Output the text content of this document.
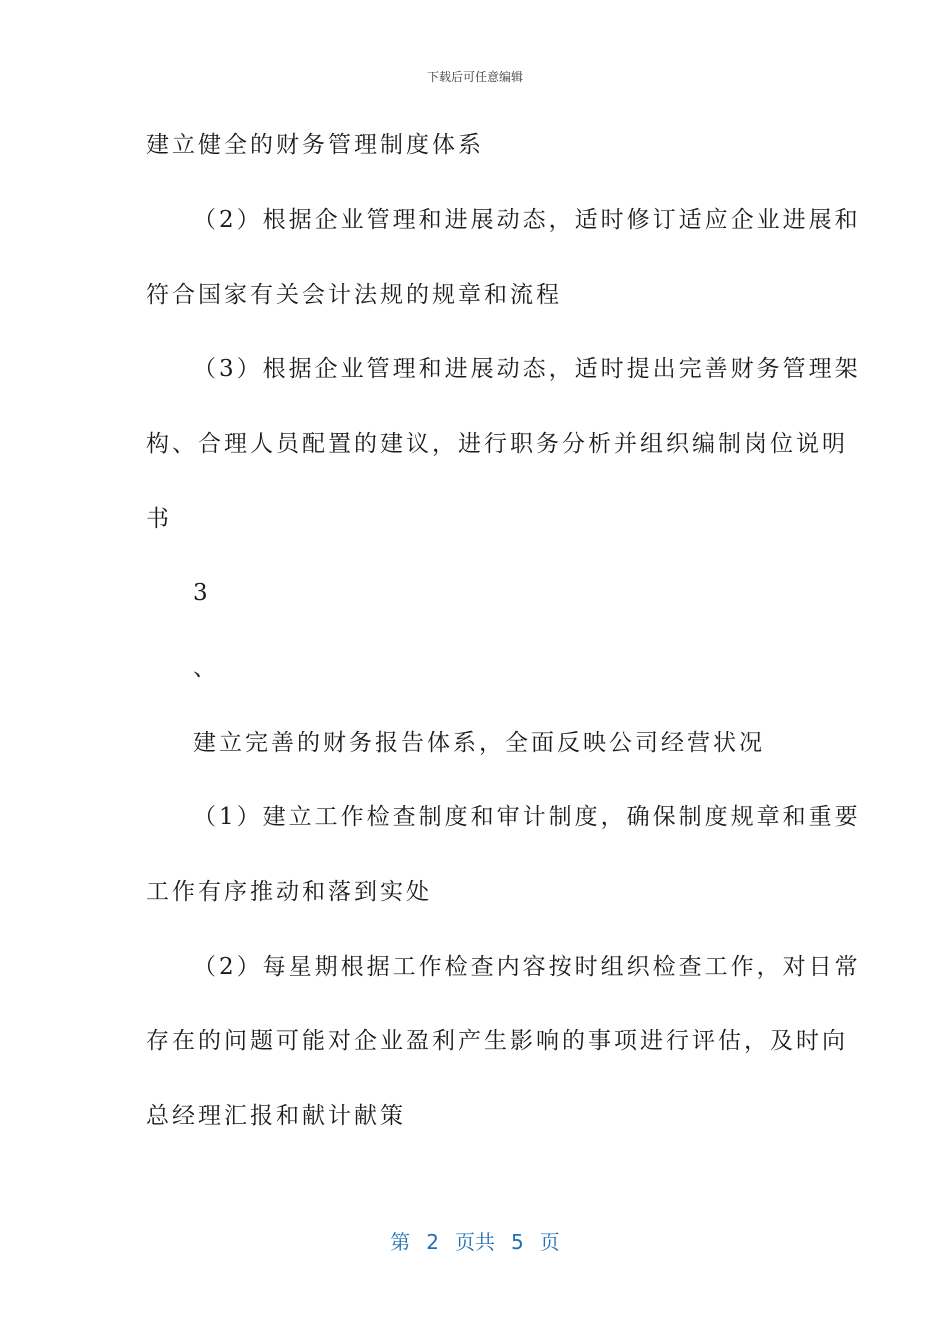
下载后可任意编辑
建立健全的财务管理制度体系
（2）根据企业管理和进展动态，适时修订适应企业进展和
符合国家有关会计法规的规章和流程
（3）根据企业管理和进展动态，适时提出完善财务管理架
构、合理人员配置的建议，进行职务分析并组织编制岗位说明
书
3
、
建立完善的财务报告体系，全面反映公司经营状况
（1）建立工作检查制度和审计制度，确保制度规章和重要
工作有序推动和落到实处
（2）每星期根据工作检查内容按时组织检查工作，对日常
存在的问题可能对企业盈利产生影响的事项进行评估，及时向
总经理汇报和献计献策
第 2 页共 5 页
